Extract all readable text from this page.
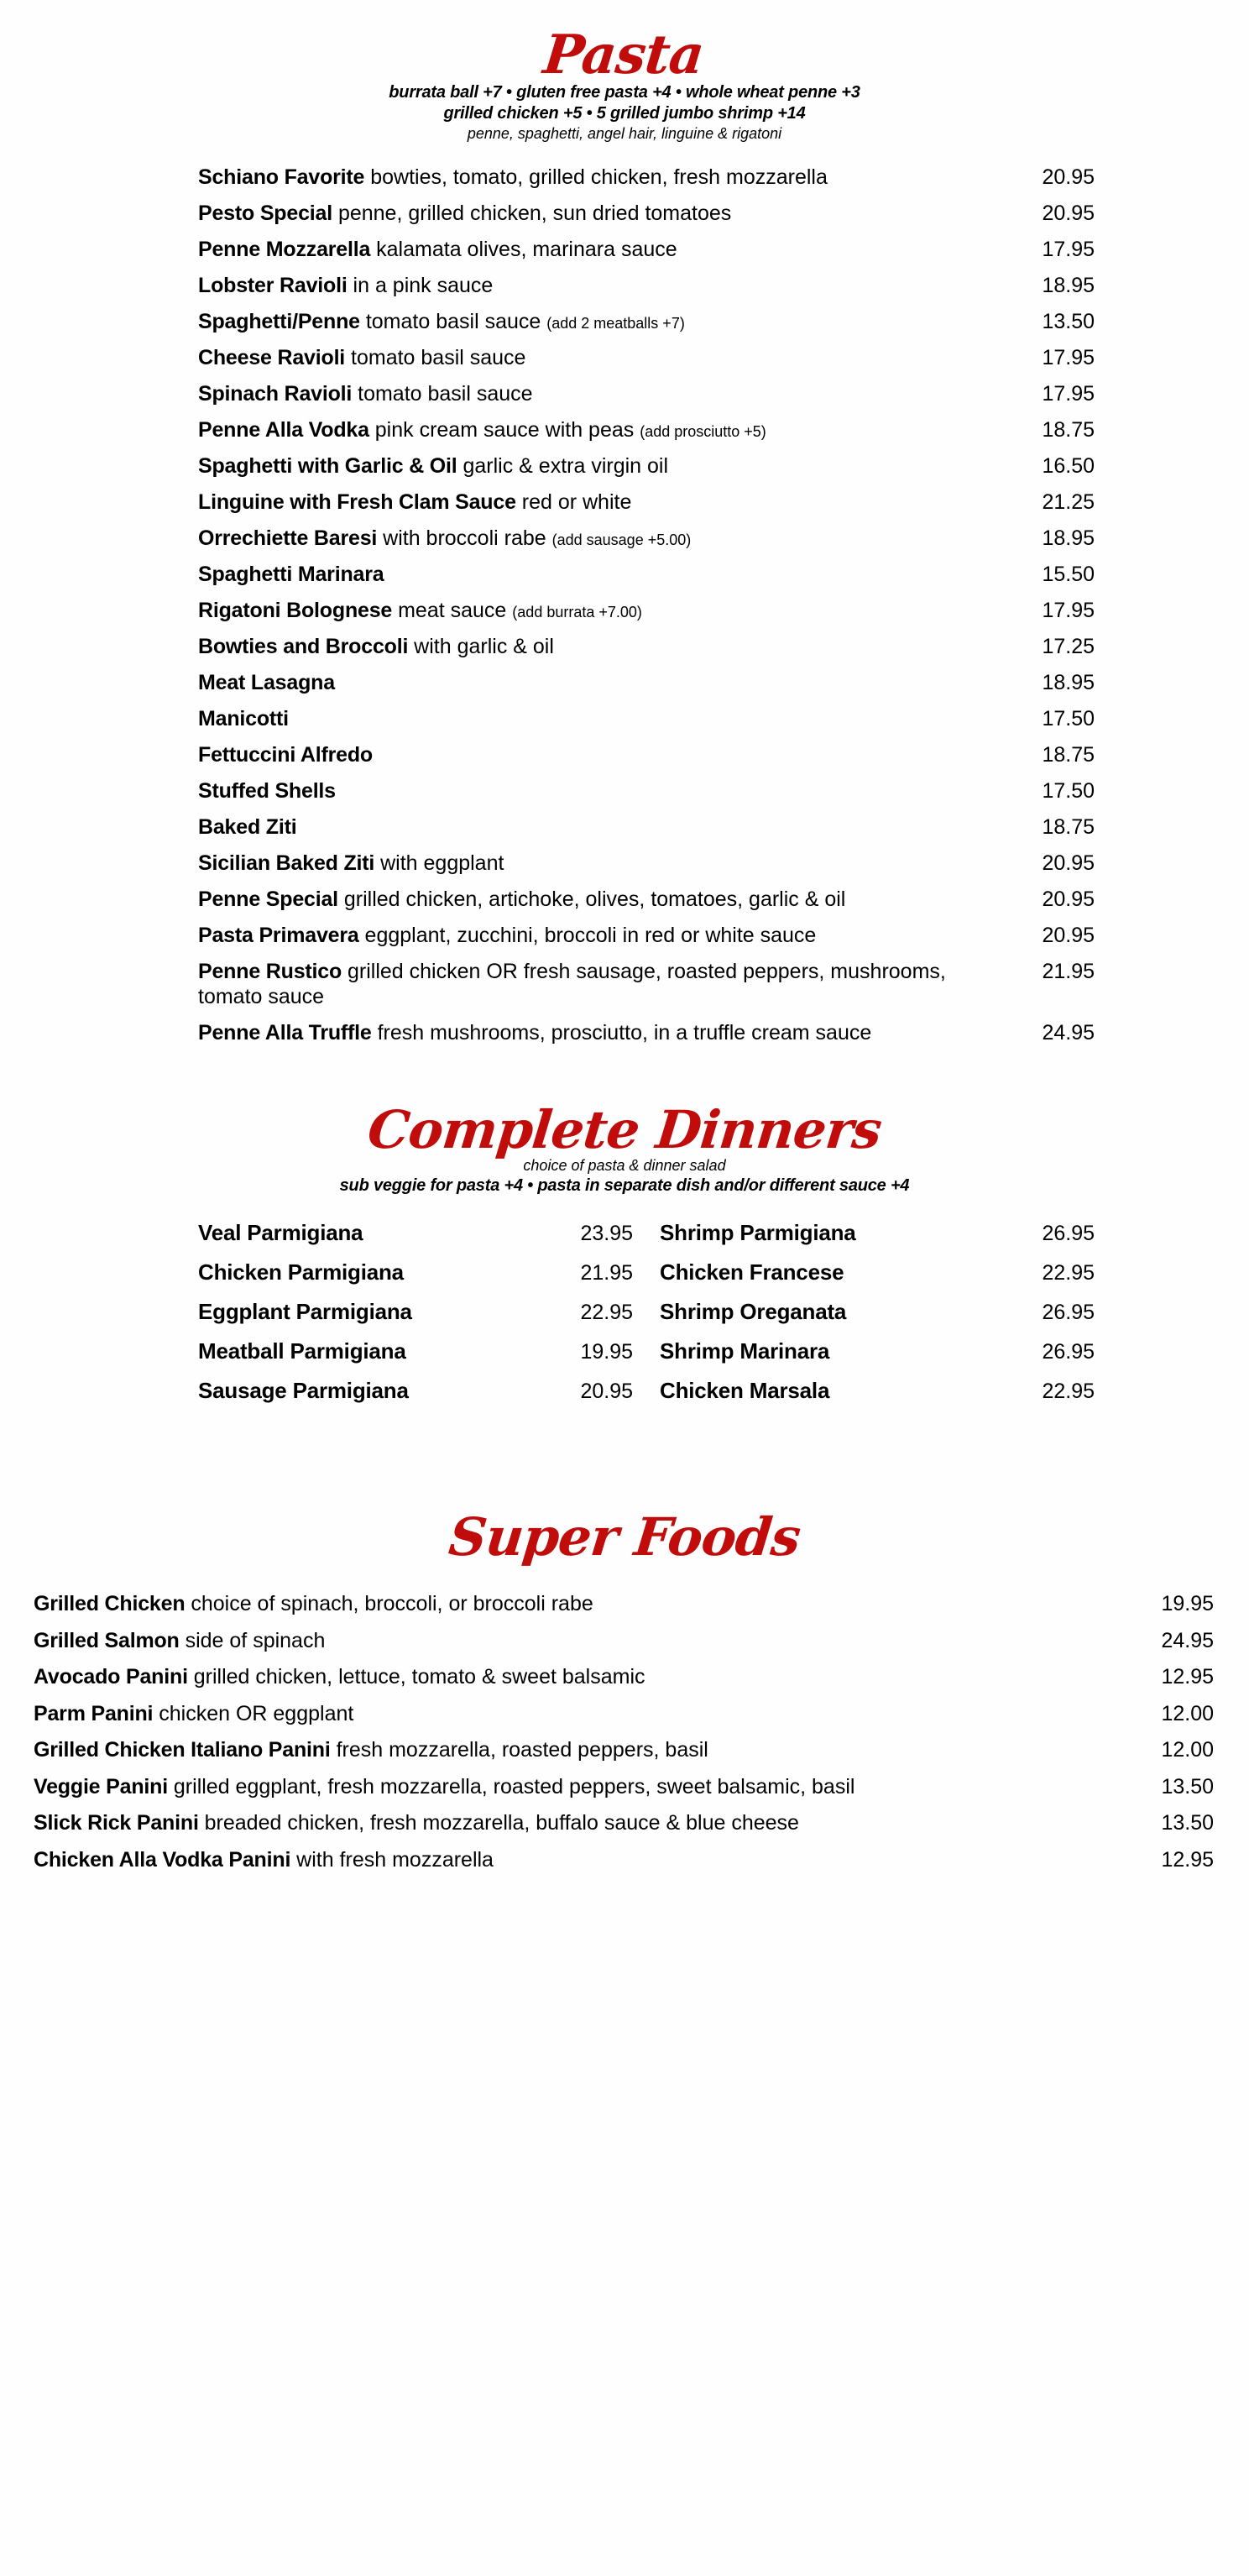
Pasta
burrata ball +7 • gluten free pasta +4 • whole wheat penne +3
grilled chicken +5 • 5 grilled jumbo shrimp +14
penne, spaghetti, angel hair, linguine & rigatoni
Schiano Favorite bowties, tomato, grilled chicken, fresh mozzarella	20.95
Pesto Special penne, grilled chicken, sun dried tomatoes	20.95
Penne Mozzarella kalamata olives, marinara sauce	17.95
Lobster Ravioli in a pink sauce	18.95
Spaghetti/Penne tomato basil sauce (add 2 meatballs +7)	13.50
Cheese Ravioli tomato basil sauce	17.95
Spinach Ravioli tomato basil sauce	17.95
Penne Alla Vodka pink cream sauce with peas (add prosciutto +5)	18.75
Spaghetti with Garlic & Oil garlic & extra virgin oil	16.50
Linguine with Fresh Clam Sauce red or white	21.25
Orrechiette Baresi with broccoli rabe (add sausage +5.00)	18.95
Spaghetti Marinara	15.50
Rigatoni Bolognese meat sauce (add burrata +7.00)	17.95
Bowties and Broccoli with garlic & oil	17.25
Meat Lasagna	18.95
Manicotti	17.50
Fettuccini Alfredo	18.75
Stuffed Shells	17.50
Baked Ziti	18.75
Sicilian Baked Ziti with eggplant	20.95
Penne Special grilled chicken, artichoke, olives, tomatoes, garlic & oil	20.95
Pasta Primavera eggplant, zucchini, broccoli in red or white sauce	20.95
Penne Rustico grilled chicken OR fresh sausage, roasted peppers, mushrooms, tomato sauce
21.95
Penne Alla Truffle fresh mushrooms, prosciutto, in a truffle cream sauce	24.95
Complete Dinners
choice of pasta & dinner salad
sub veggie for pasta +4 • pasta in separate dish and/or different sauce +4
Veal Parmigiana	23.95 Shrimp Parmigiana	26.95
Chicken Parmigiana	21.95 Chicken Francese	22.95
Eggplant Parmigiana	22.95 Shrimp Oreganata	26.95
Meatball Parmigiana	19.95 Shrimp Marinara	26.95
Sausage Parmigiana	20.95 Chicken Marsala	22.95
Super Foods
Grilled Chicken choice of spinach, broccoli, or broccoli rabe	19.95
Grilled Salmon side of spinach	24.95
Avocado Panini grilled chicken, lettuce, tomato & sweet balsamic	12.95
Parm Panini chicken OR eggplant	12.00
Grilled Chicken Italiano Panini fresh mozzarella, roasted peppers, basil	12.00
Veggie Panini grilled eggplant, fresh mozzarella, roasted peppers, sweet balsamic, basil	13.50
Slick Rick Panini breaded chicken, fresh mozzarella, buffalo sauce & blue cheese	13.50
Chicken Alla Vodka Panini with fresh mozzarella	12.95
